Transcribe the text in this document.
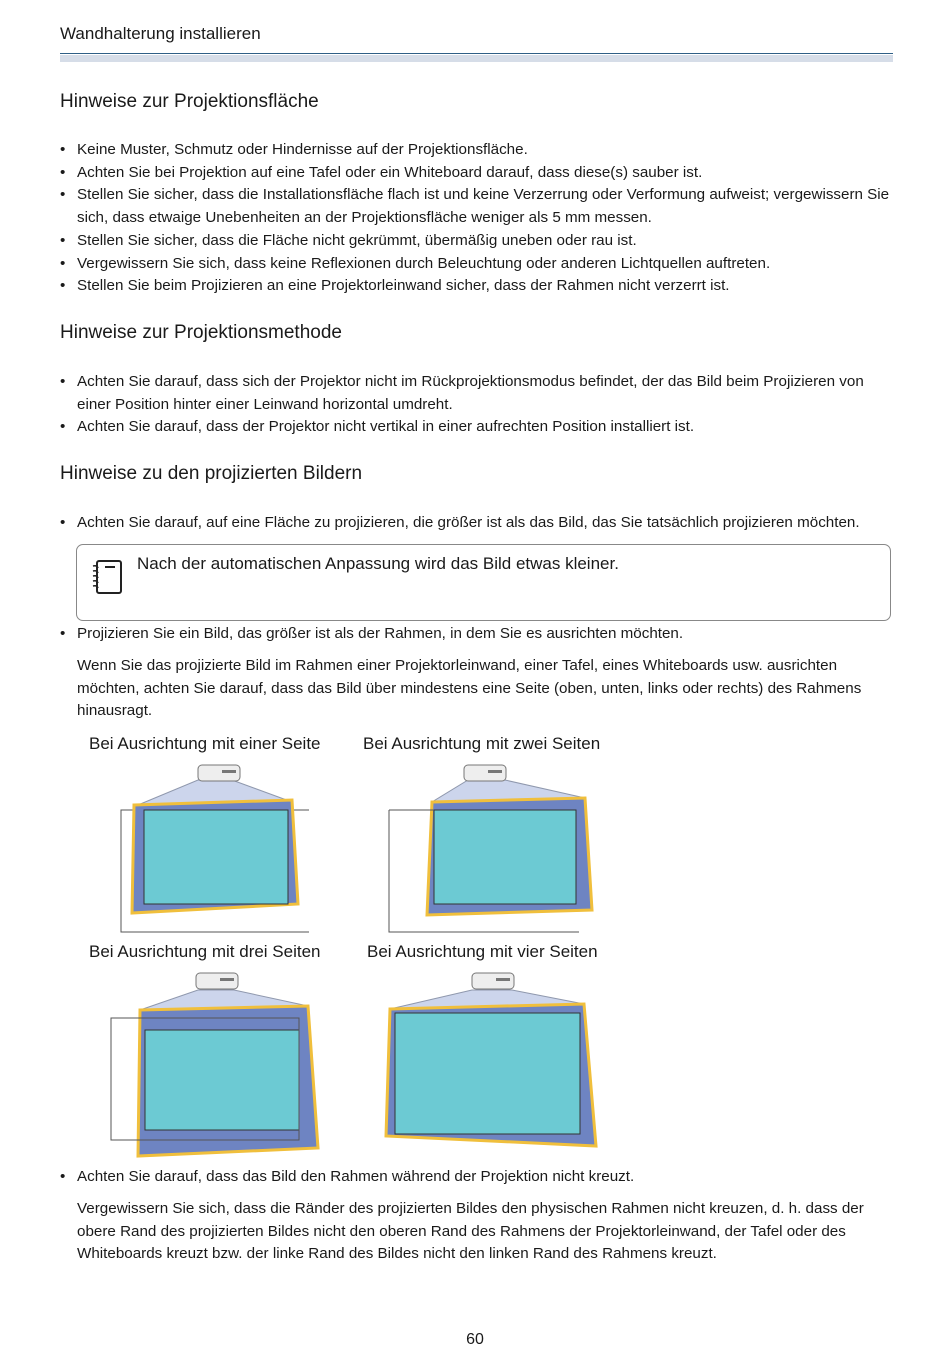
Wandhalterung installieren
Hinweise zur Projektionsfläche
• Keine Muster, Schmutz oder Hindernisse auf der Projektionsfläche.
• Achten Sie bei Projektion auf eine Tafel oder ein Whiteboard darauf, dass diese(s) sauber ist.
• Stellen Sie sicher, dass die Installationsfläche flach ist und keine Verzerrung oder Verformung aufweist; vergewissern Sie sich, dass etwaige Unebenheiten an der Projektionsfläche weniger als 5 mm messen.
• Stellen Sie sicher, dass die Fläche nicht gekrümmt, übermäßig uneben oder rau ist.
• Vergewissern Sie sich, dass keine Reflexionen durch Beleuchtung oder anderen Lichtquellen auftreten.
• Stellen Sie beim Projizieren an eine Projektorleinwand sicher, dass der Rahmen nicht verzerrt ist.
Hinweise zur Projektionsmethode
• Achten Sie darauf, dass sich der Projektor nicht im Rückprojektionsmodus befindet, der das Bild beim Projizieren von einer Position hinter einer Leinwand horizontal umdreht.
• Achten Sie darauf, dass der Projektor nicht vertikal in einer aufrechten Position installiert ist.
Hinweise zu den projizierten Bildern
• Achten Sie darauf, auf eine Fläche zu projizieren, die größer ist als das Bild, das Sie tatsächlich projizieren möchten.
Nach der automatischen Anpassung wird das Bild etwas kleiner.
• Projizieren Sie ein Bild, das größer ist als der Rahmen, in dem Sie es ausrichten möchten.
Wenn Sie das projizierte Bild im Rahmen einer Projektorleinwand, einer Tafel, eines Whiteboards usw. ausrichten möchten, achten Sie darauf, dass das Bild über mindestens eine Seite (oben, unten, links oder rechts) des Rahmens hinausragt.
Bei Ausrichtung mit einer Seite Bei Ausrichtung mit zwei Seiten
Bei Ausrichtung mit drei Seiten	Bei Ausrichtung mit vier Seiten
• Achten Sie darauf, dass das Bild den Rahmen während der Projektion nicht kreuzt.
Vergewissern Sie sich, dass die Ränder des projizierten Bildes den physischen Rahmen nicht kreuzen, d. h. dass der obere Rand des projizierten Bildes nicht den oberen Rand des Rahmens der Projektorleinwand, der Tafel oder des Whiteboards kreuzt bzw. der linke Rand des Bildes nicht den linken Rand des Rahmens kreuzt.
60
